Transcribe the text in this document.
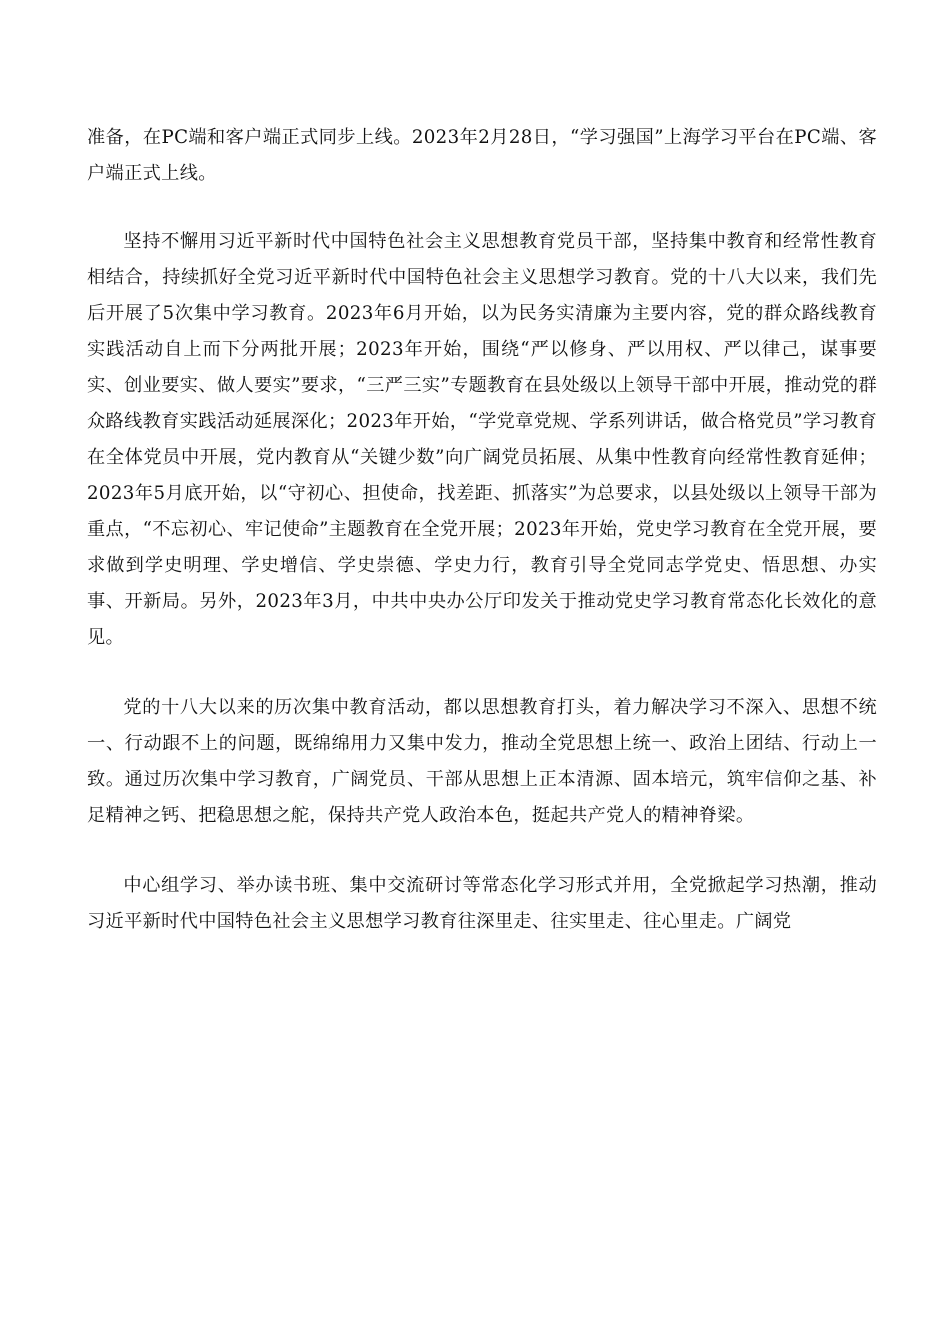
准备，在PC端和客户端正式同步上线。2023年2月28日，“学习强国”上海学习平台在PC端、客户端正式上线。

坚持不懈用习近平新时代中国特色社会主义思想教育党员干部，坚持集中教育和经常性教育相结合，持续抓好全党习近平新时代中国特色社会主义思想学习教育。党的十八大以来，我们先后开展了5次集中学习教育。2023年6月开始，以为民务实清廉为主要内容，党的群众路线教育实践活动自上而下分两批开展；2023年开始，围绕“严以修身、严以用权、严以律己，谋事要实、创业要实、做人要实”要求，“三严三实”专题教育在县处级以上领导干部中开展，推动党的群众路线教育实践活动延展深化；2023年开始，“学党章党规、学系列讲话，做合格党员”学习教育在全体党员中开展，党内教育从“关键少数”向广阔党员拓展、从集中性教育向经常性教育延伸；2023年5月底开始，以“守初心、担使命，找差距、抓落实”为总要求，以县处级以上领导干部为重点，“不忘初心、牢记使命”主题教育在全党开展；2023年开始，党史学习教育在全党开展，要求做到学史明理、学史增信、学史崇德、学史力行，教育引导全党同志学党史、悟思想、办实事、开新局。另外，2023年3月，中共中央办公厅印发关于推动党史学习教育常态化长效化的意见。

党的十八大以来的历次集中教育活动，都以思想教育打头，着力解决学习不深入、思想不统一、行动跟不上的问题，既绵绵用力又集中发力，推动全党思想上统一、政治上团结、行动上一致。通过历次集中学习教育，广阔党员、干部从思想上正本清源、固本培元，筑牢信仰之基、补足精神之钙、把稳思想之舵，保持共产党人政治本色，挺起共产党人的精神脊梁。

中心组学习、举办读书班、集中交流研讨等常态化学习形式并用，全党掀起学习热潮，推动习近平新时代中国特色社会主义思想学习教育往深里走、往实里走、往心里走。广阔党
